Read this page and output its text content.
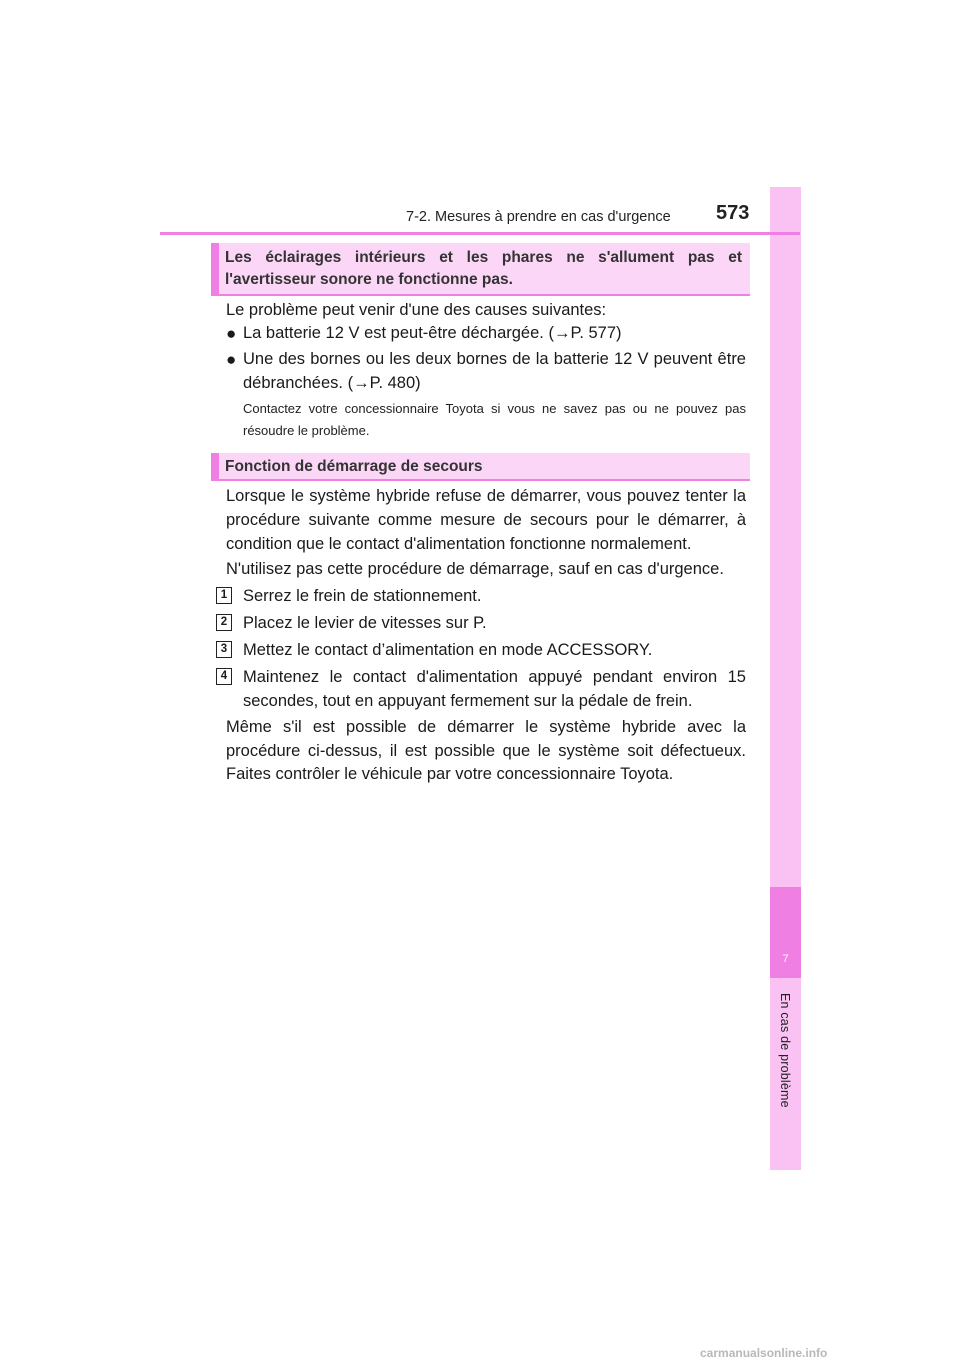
7
En cas de problème
7-2. Mesures à prendre en cas d'urgence 573
Les éclairages intérieurs et les phares ne s'allument pas et l'avertisseur sonore ne fonctionne pas.
Le problème peut venir d'une des causes suivantes:
● La batterie 12 V est peut-être déchargée. (→P. 577)
● Une des bornes ou les deux bornes de la batterie 12 V peuvent être débranchées. (→P. 480)
Contactez votre concessionnaire Toyota si vous ne savez pas ou ne pouvez pas résoudre le problème.
Fonction de démarrage de secours
Lorsque le système hybride refuse de démarrer, vous pouvez tenter la procédure suivante comme mesure de secours pour le démarrer, à condition que le contact d'alimentation fonctionne normalement.
N'utilisez pas cette procédure de démarrage, sauf en cas d'urgence.
1 Serrez le frein de stationnement.
2 Placez le levier de vitesses sur P.
3 Mettez le contact d’alimentation en mode ACCESSORY.
4 Maintenez le contact d'alimentation appuyé pendant environ 15 secondes, tout en appuyant fermement sur la pédale de frein.
Même s'il est possible de démarrer le système hybride avec la procédure ci-dessus, il est possible que le système soit défectueux. Faites contrôler le véhicule par votre concessionnaire Toyota.
carmanualsonline.info
